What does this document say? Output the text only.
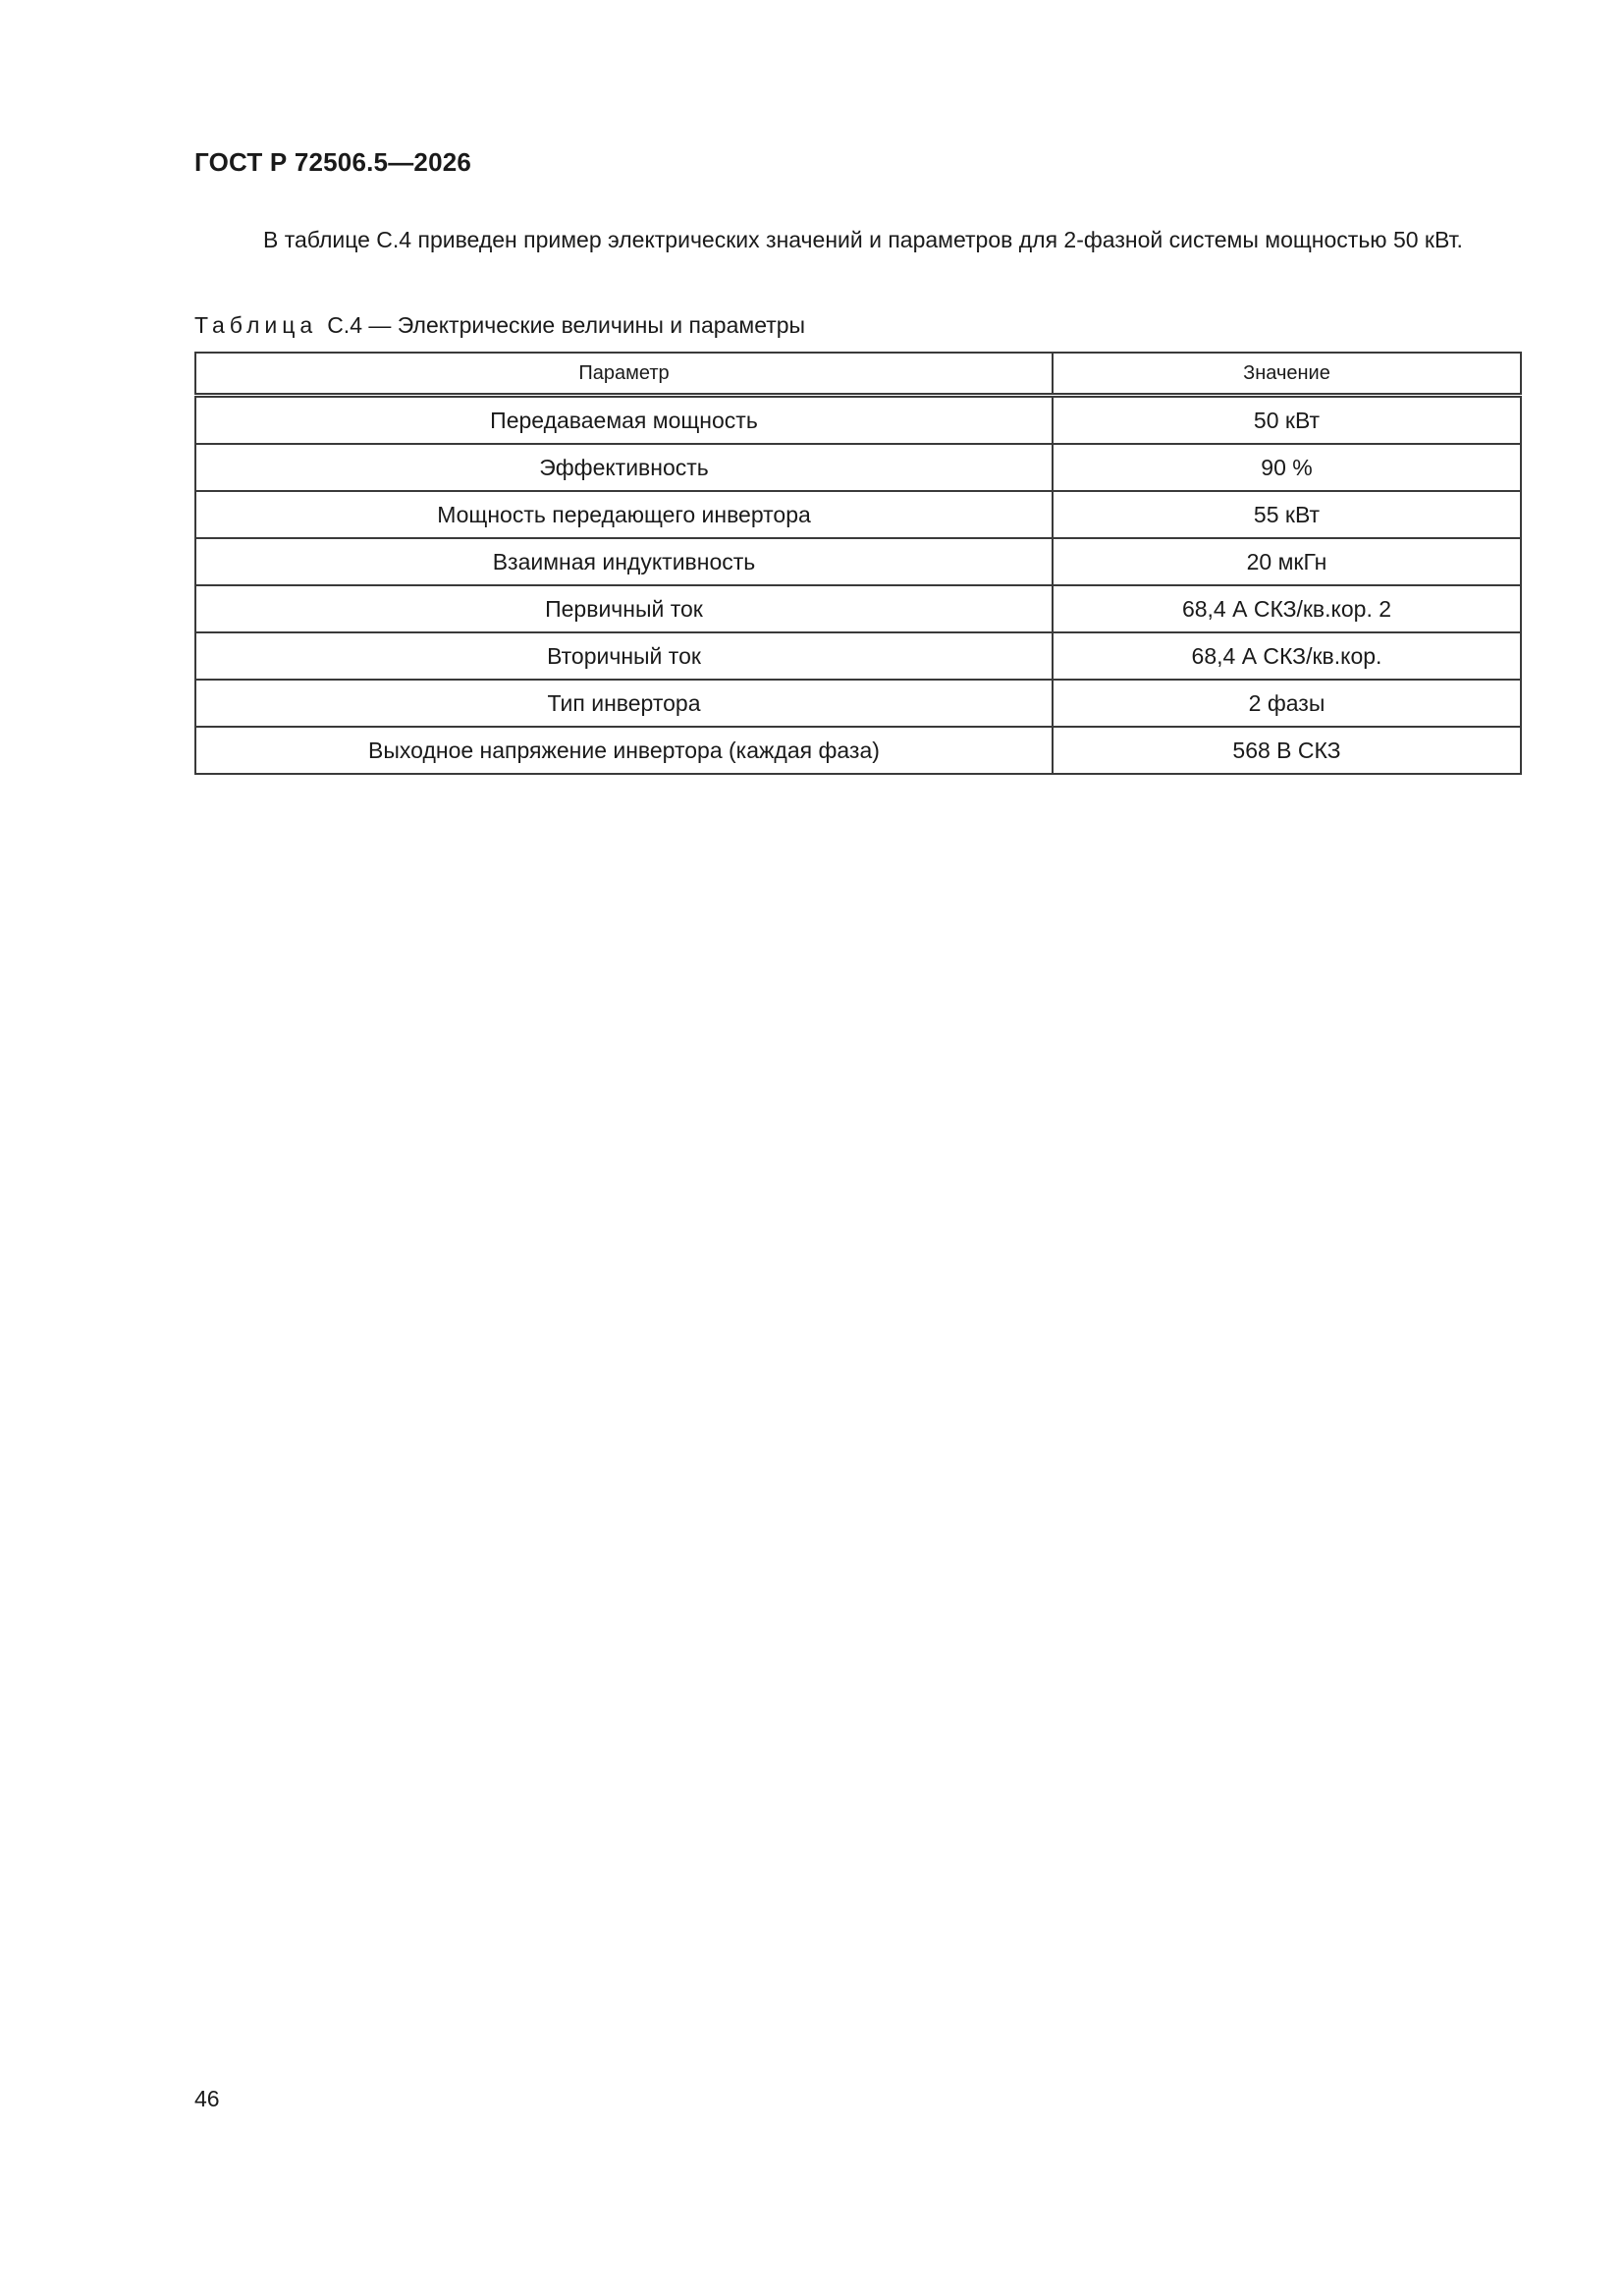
ГОСТ Р 72506.5—2026

В таблице С.4 приведен пример электрических значений и параметров для 2-фазной системы мощностью 50 кВт.

Таблица С.4 — Электрические величины и параметры
Параметр	Значение
Передаваемая мощность	50 кВт
Эффективность	90 %
Мощность передающего инвертора	55 кВт
Взаимная индуктивность	20 мкГн
Первичный ток	68,4 А СКЗ/кв.кор. 2
Вторичный ток	68,4 А СКЗ/кв.кор.
Тип инвертора	2 фазы
Выходное напряжение инвертора (каждая фаза)	568 В СКЗ
46
